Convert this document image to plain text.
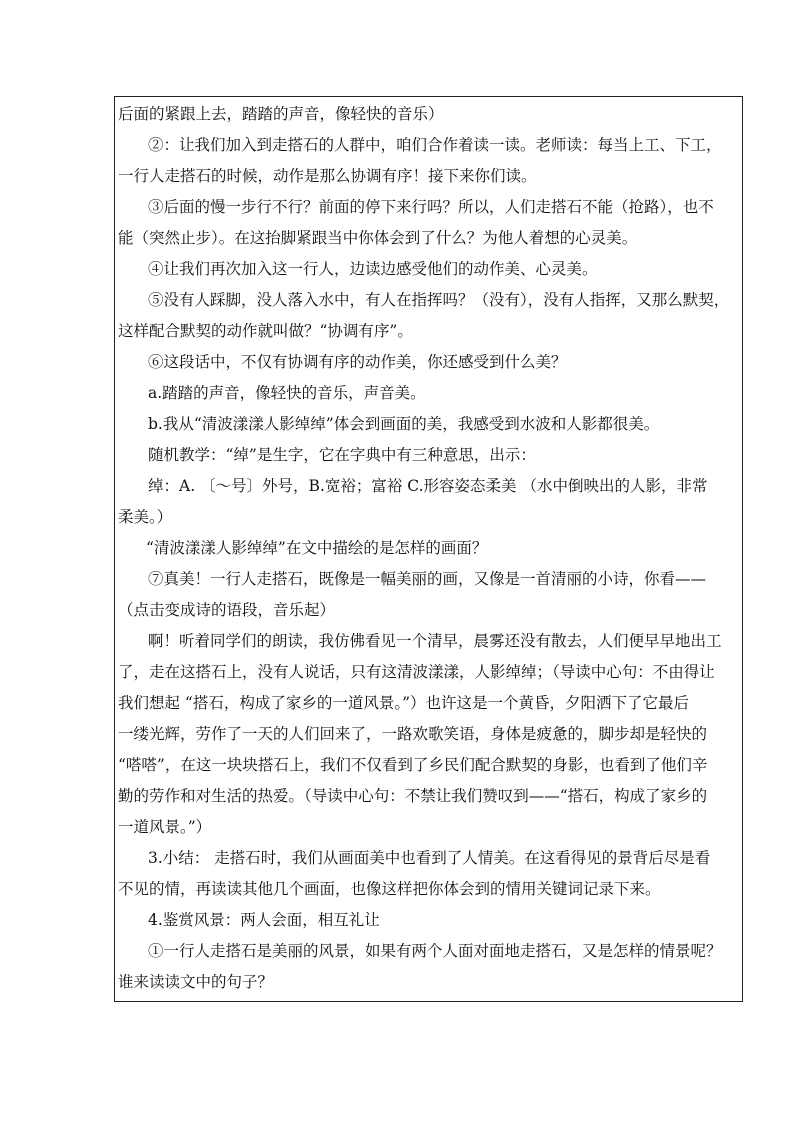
后面的紧跟上去，踏踏的声音，像轻快的音乐）

②：让我们加入到走搭石的人群中，咱们合作着读一读。老师读：每当上工、下工，

一行人走搭石的时候，动作是那么协调有序！接下来你们读。

③后面的慢一步行不行？前面的停下来行吗？所以，人们走搭石不能（抢路），也不

能（突然止步）。在这抬脚紧跟当中你体会到了什么？为他人着想的心灵美。

④让我们再次加入这一行人，边读边感受他们的动作美、心灵美。

⑤没有人踩脚，没人落入水中，有人在指挥吗？（没有），没有人指挥，又那么默契，

这样配合默契的动作就叫做？“协调有序”。

⑥这段话中，不仅有协调有序的动作美，你还感受到什么美？

a.踏踏的声音，像轻快的音乐，声音美。

b.我从“清波漾漾人影绰绰”体会到画面的美，我感受到水波和人影都很美。

随机教学：“绰”是生字，它在字典中有三种意思，出示：

绰：A. 〔～号〕外号，B.宽裕；富裕 C.形容姿态柔美 （水中倒映出的人影，非常

柔美。）

“清波漾漾人影绰绰”在文中描绘的是怎样的画面？

⑦真美！一行人走搭石，既像是一幅美丽的画，又像是一首清丽的小诗，你看——

（点击变成诗的语段，音乐起）

啊！听着同学们的朗读，我仿佛看见一个清早，晨雾还没有散去，人们便早早地出工

了，走在这搭石上，没有人说话，只有这清波漾漾，人影绰绰；（导读中心句：不由得让

我们想起 “搭石，构成了家乡的一道风景。”）也许这是一个黄昏，夕阳洒下了它最后

一缕光辉，劳作了一天的人们回来了，一路欢歌笑语，身体是疲惫的，脚步却是轻快的

“嗒嗒”，在这一块块搭石上，我们不仅看到了乡民们配合默契的身影，也看到了他们辛

勤的劳作和对生活的热爱。（导读中心句：不禁让我们赞叹到——“搭石，构成了家乡的

一道风景。”）

3.小结： 走搭石时，我们从画面美中也看到了人情美。在这看得见的景背后尽是看

不见的情，再读读其他几个画面，也像这样把你体会到的情用关键词记录下来。

4.鉴赏风景：两人会面，相互礼让

①一行人走搭石是美丽的风景，如果有两个人面对面地走搭石，又是怎样的情景呢？

谁来读读文中的句子？
